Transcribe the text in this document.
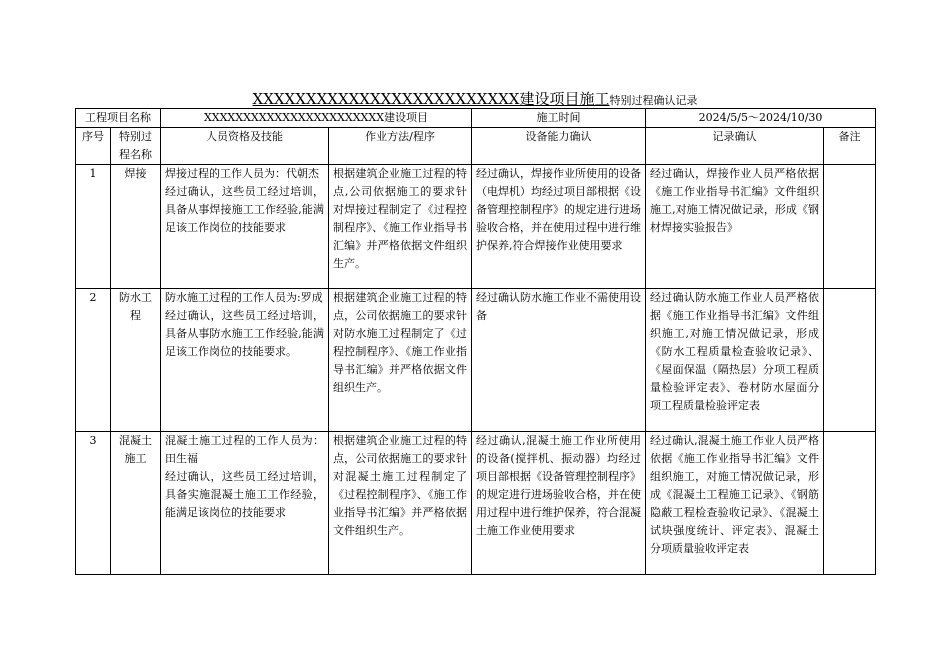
XXXXXXXXXXXXXXXXXXXXXXXXX建设项目施工特别过程确认记录
工程项目名称		XXXXXXXXXXXXXXXXXXXXXXX建设项目		施工时间	2024/5/5～2024/10/30	
序号	特别过程名称	人员资格及技能	作业方法/程序	设备能力确认	记录确认	备注
1	焊接	焊接过程的工作人员为：代朝杰
经过确认，这些员工经过培训，具备从事焊接施工工作经验,能满足该工作岗位的技能要求	根据建筑企业施工过程的特点,公司依据施工的要求针对焊接过程制定了《过程控制程序》、《施工作业指导书汇编》并严格依据文件组织生产。	经过确认，焊接作业所使用的设备（电焊机）均经过项目部根据《设备管理控制程序》的规定进行进场验收合格，并在使用过程中进行维护保养,符合焊接作业使用要求	经过确认，焊接作业人员严格依据《施工作业指导书汇编》文件组织施工,对施工情况做记录，形成《钢材焊接实验报告》	
2	防水工程	防水施工过程的工作人员为:罗成
经过确认，这些员工经过培训，具备从事防水施工工作经验,能满足该工作岗位的技能要求。	根据建筑企业施工过程的特点，公司依据施工的要求针对防水施工过程制定了《过程控制程序》、《施工作业指导书汇编》并严格依据文件组织生产。	经过确认防水施工作业不需使用设备	经过确认防水施工作业人员严格依据《施工作业指导书汇编》文件组织施工,对施工情况做记录，形成《防水工程质量检查验收记录》、《屋面保温（隔热层）分项工程质量检验评定表》、卷材防水屋面分项工程质量检验评定表	
3	混凝土施工	混凝土施工过程的工作人员为：田生福
经过确认，这些员工经过培训，具备实施混凝土施工工作经验，能满足该岗位的技能要求	根据建筑企业施工过程的特点，公司依据施工的要求针对混凝土施工过程制定了《过程控制程序》、《施工作业指导书汇编》并严格依据文件组织生产。	经过确认,混凝土施工作业所使用的设备(搅拌机、振动器）均经过项目部根据《设备管理控制程序》的规定进行进场验收合格，并在使用过程中进行维护保养，符合混凝土施工作业使用要求	经过确认,混凝土施工作业人员严格依据《施工作业指导书汇编》文件组织施工，对施工情况做记录，形成《混凝土工程施工记录》、《钢筋隐蔽工程检查验收记录》、《混凝土试块强度统计、评定表》、混凝土分项质量验收评定表	
